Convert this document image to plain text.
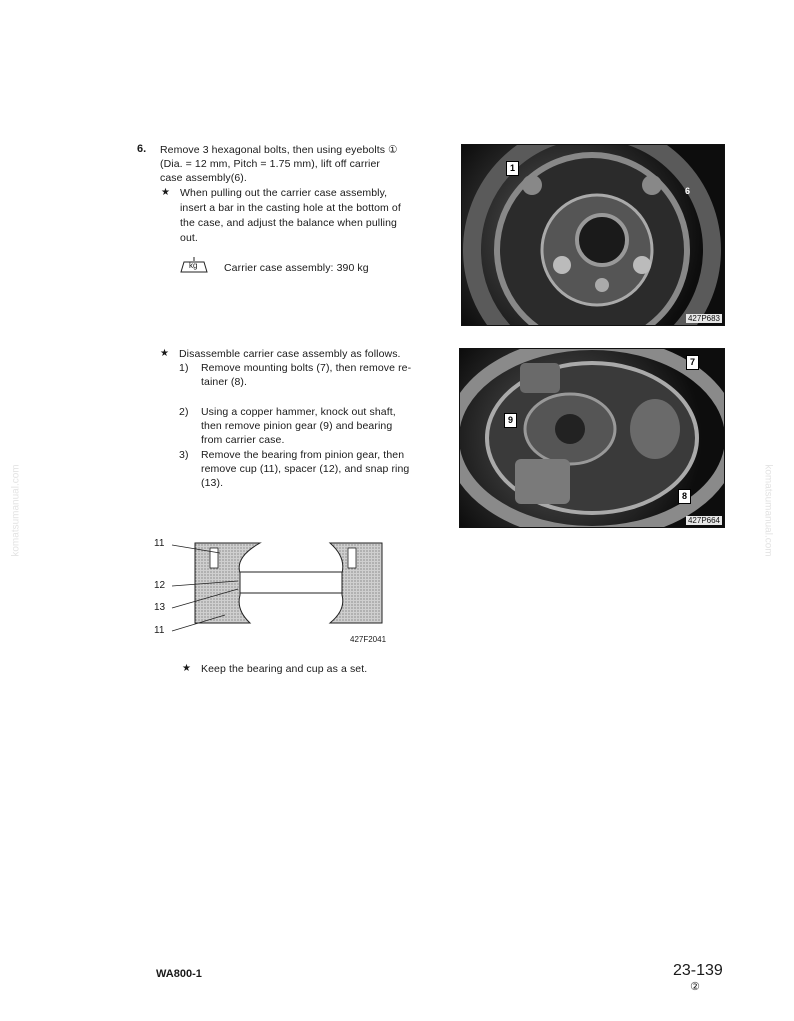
komatsumanual.com	komatsumanual.com
6. Remove 3 hexagonal bolts, then using eyebolts ①
(Dia. = 12 mm, Pitch = 1.75 mm), lift off carrier
case assembly(6).
★ When pulling out the carrier case assembly,
insert a bar in the casting hole at the bottom of
the case, and adjust the balance when pulling
out.
kg	Carrier case assembly: 390 kg
1
6
427P683
★ Disassemble carrier case assembly as follows.
1) Remove mounting bolts (7), then remove re-
tainer (8).
2) Using a copper hammer, knock out shaft,
then remove pinion gear (9) and bearing
from carrier case.
3) Remove the bearing from pinion gear, then
remove cup (11), spacer (12), and snap ring
(13).
7
9
8
427P664
11
12
13
11
427F2041
★ Keep the bearing and cup as a set.
WA800-1	23-139
②
